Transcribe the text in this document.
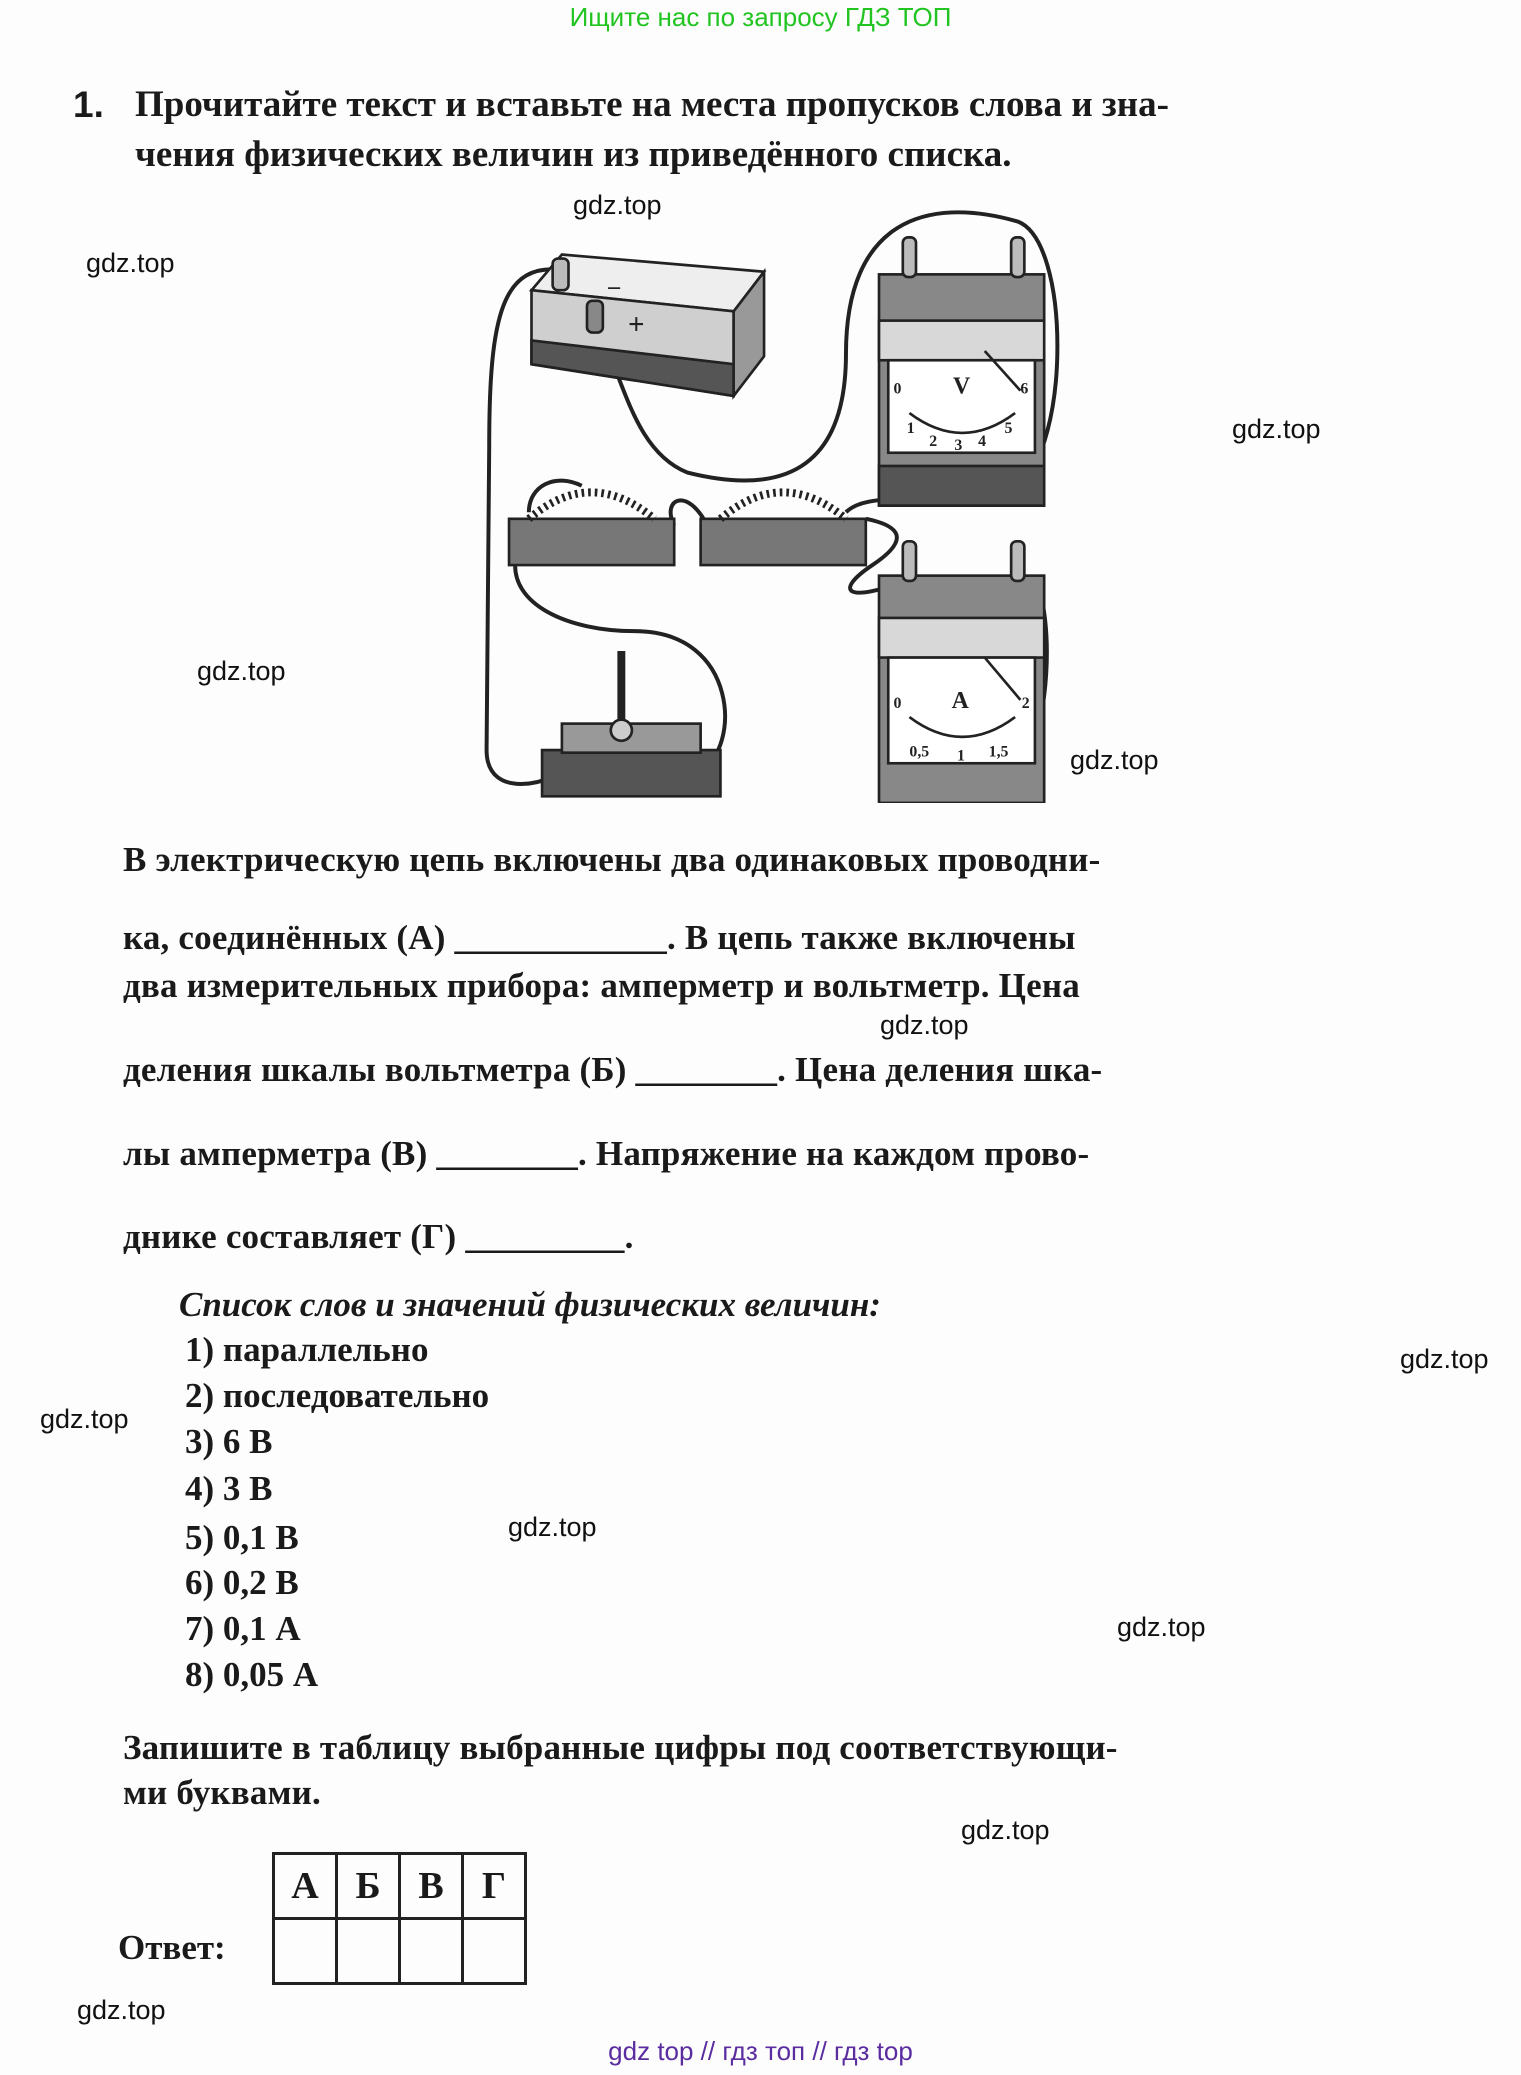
Ищите нас по запросу ГДЗ ТОП
1. Прочитайте текст и вставьте на места пропусков слова и зна-
чения физических величин из приведённого списка.
–
+
V
0
1
2 3 4
5
6
A
0
0,5 1 1,5
2
В электрическую цепь включены два одинаковых проводни-
ка, соединённых (А) ____________. В цепь также включены
два измерительных прибора: амперметр и вольтметр. Цена
деления шкалы вольтметра (Б) ________. Цена деления шка-
лы амперметра (В) ________. Напряжение на каждом прово-
днике составляет (Г) _________.
Список слов и значений физических величин:
1) параллельно
2) последовательно
3) 6 В
4) 3 В
5) 0,1 В
6) 0,2 В
7) 0,1 А
8) 0,05 А
Запишите в таблицу выбранные цифры под соответствующи-
ми буквами.
А	Б	В	Г

Ответ:
gdz.top
gdz.top
gdz.top
gdz.top
gdz.top
gdz.top
gdz.top
gdz.top
gdz.top
gdz.top
gdz.top
gdz.top
gdz top // гдз топ // гдз top
